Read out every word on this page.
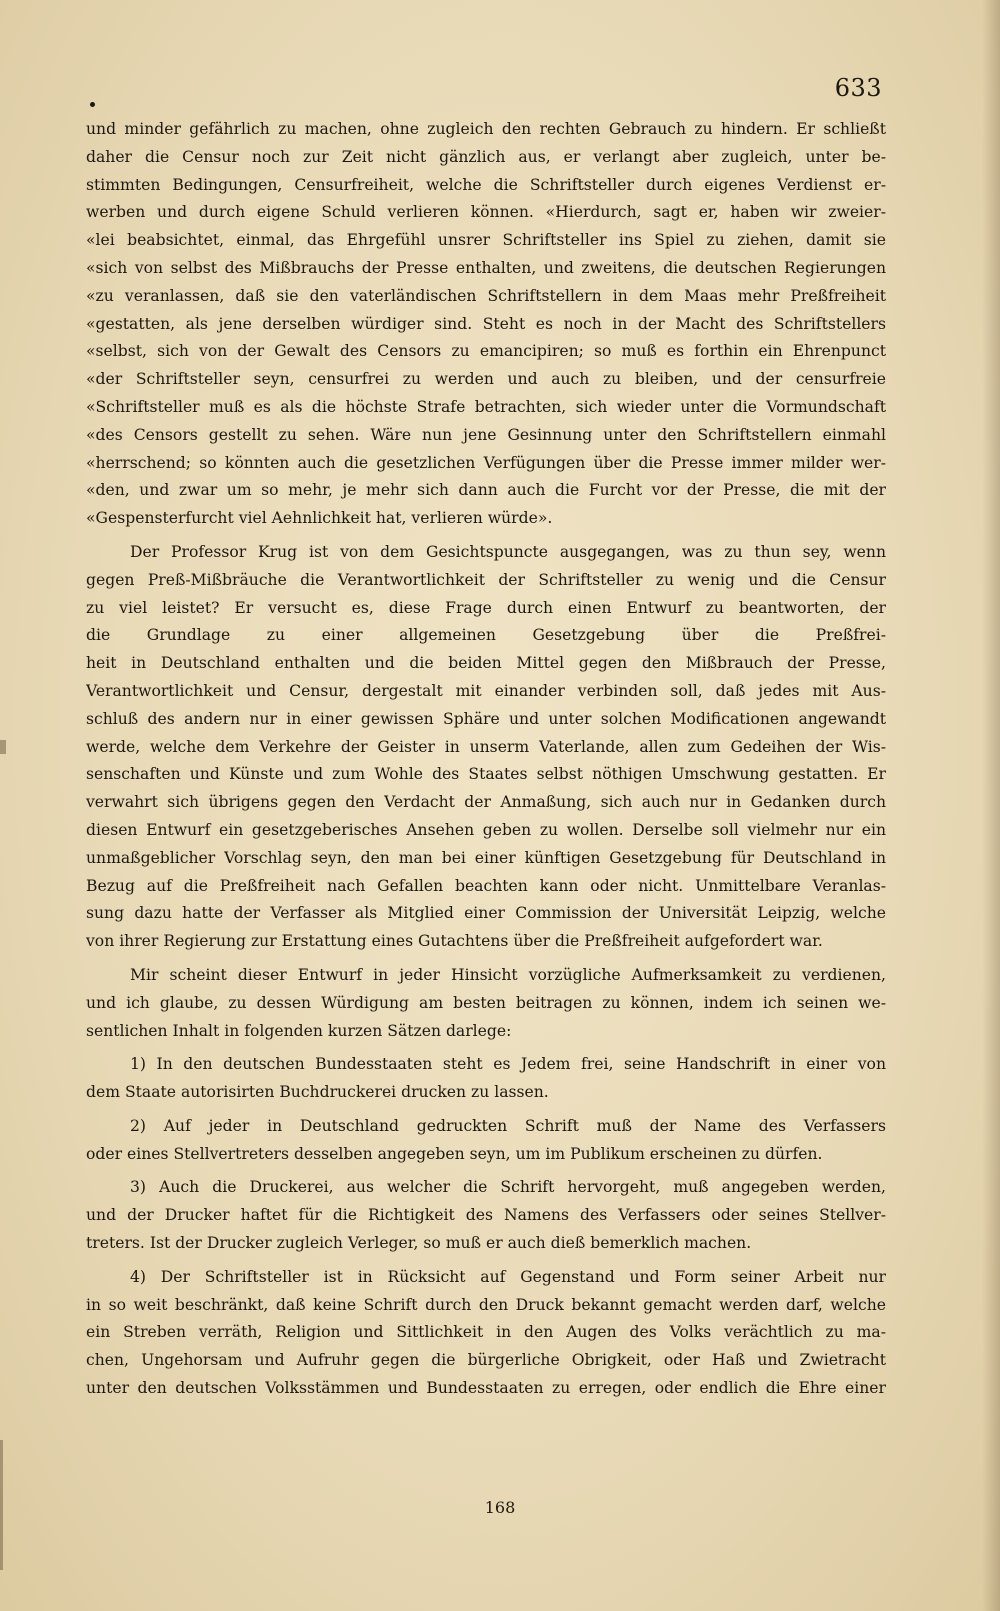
633
und minder gefährlich zu machen, ohne zugleich den rechten Gebrauch zu hindern. Er schließt
daher die Censur noch zur Zeit nicht gänzlich aus, er verlangt aber zugleich, unter be-
stimmten Bedingungen, Censurfreiheit, welche die Schriftsteller durch eigenes Verdienst er-
werben und durch eigene Schuld verlieren können. «Hierdurch, sagt er, haben wir zweier-
«lei beabsichtet, einmal, das Ehrgefühl unsrer Schriftsteller ins Spiel zu ziehen, damit sie
«sich von selbst des Mißbrauchs der Presse enthalten, und zweitens, die deutschen Regierungen
«zu veranlassen, daß sie den vaterländischen Schriftstellern in dem Maas mehr Preßfreiheit
«gestatten, als jene derselben würdiger sind. Steht es noch in der Macht des Schriftstellers
«selbst, sich von der Gewalt des Censors zu emancipiren; so muß es forthin ein Ehrenpunct
«der Schriftsteller seyn, censurfrei zu werden und auch zu bleiben, und der censurfreie
«Schriftsteller muß es als die höchste Strafe betrachten, sich wieder unter die Vormundschaft
«des Censors gestellt zu sehen. Wäre nun jene Gesinnung unter den Schriftstellern einmahl
«herrschend; so könnten auch die gesetzlichen Verfügungen über die Presse immer milder wer-
«den, und zwar um so mehr, je mehr sich dann auch die Furcht vor der Presse, die mit der
«Gespensterfurcht viel Aehnlichkeit hat, verlieren würde».
Der Professor Krug ist von dem Gesichtspuncte ausgegangen, was zu thun sey, wenn
gegen Preß-Mißbräuche die Verantwortlichkeit der Schriftsteller zu wenig und die Censur
zu viel leistet? Er versucht es, diese Frage durch einen Entwurf zu beantworten, der
die Grundlage zu einer allgemeinen Gesetzgebung über die Preßfrei-
heit in Deutschland enthalten und die beiden Mittel gegen den Mißbrauch der Presse,
Verantwortlichkeit und Censur, dergestalt mit einander verbinden soll, daß jedes mit Aus-
schluß des andern nur in einer gewissen Sphäre und unter solchen Modificationen angewandt
werde, welche dem Verkehre der Geister in unserm Vaterlande, allen zum Gedeihen der Wis-
senschaften und Künste und zum Wohle des Staates selbst nöthigen Umschwung gestatten. Er
verwahrt sich übrigens gegen den Verdacht der Anmaßung, sich auch nur in Gedanken durch
diesen Entwurf ein gesetzgeberisches Ansehen geben zu wollen. Derselbe soll vielmehr nur ein
unmaßgeblicher Vorschlag seyn, den man bei einer künftigen Gesetzgebung für Deutschland in
Bezug auf die Preßfreiheit nach Gefallen beachten kann oder nicht. Unmittelbare Veranlas-
sung dazu hatte der Verfasser als Mitglied einer Commission der Universität Leipzig, welche
von ihrer Regierung zur Erstattung eines Gutachtens über die Preßfreiheit aufgefordert war.
Mir scheint dieser Entwurf in jeder Hinsicht vorzügliche Aufmerksamkeit zu verdienen,
und ich glaube, zu dessen Würdigung am besten beitragen zu können, indem ich seinen we-
sentlichen Inhalt in folgenden kurzen Sätzen darlege:
1) In den deutschen Bundesstaaten steht es Jedem frei, seine Handschrift in einer von
dem Staate autorisirten Buchdruckerei drucken zu lassen.
2) Auf jeder in Deutschland gedruckten Schrift muß der Name des Verfassers
oder eines Stellvertreters desselben angegeben seyn, um im Publikum erscheinen zu dürfen.
3) Auch die Druckerei, aus welcher die Schrift hervorgeht, muß angegeben werden,
und der Drucker haftet für die Richtigkeit des Namens des Verfassers oder seines Stellver-
treters. Ist der Drucker zugleich Verleger, so muß er auch dieß bemerklich machen.
4) Der Schriftsteller ist in Rücksicht auf Gegenstand und Form seiner Arbeit nur
in so weit beschränkt, daß keine Schrift durch den Druck bekannt gemacht werden darf, welche
ein Streben verräth, Religion und Sittlichkeit in den Augen des Volks verächtlich zu ma-
chen, Ungehorsam und Aufruhr gegen die bürgerliche Obrigkeit, oder Haß und Zwietracht
unter den deutschen Volksstämmen und Bundesstaaten zu erregen, oder endlich die Ehre einer
168
